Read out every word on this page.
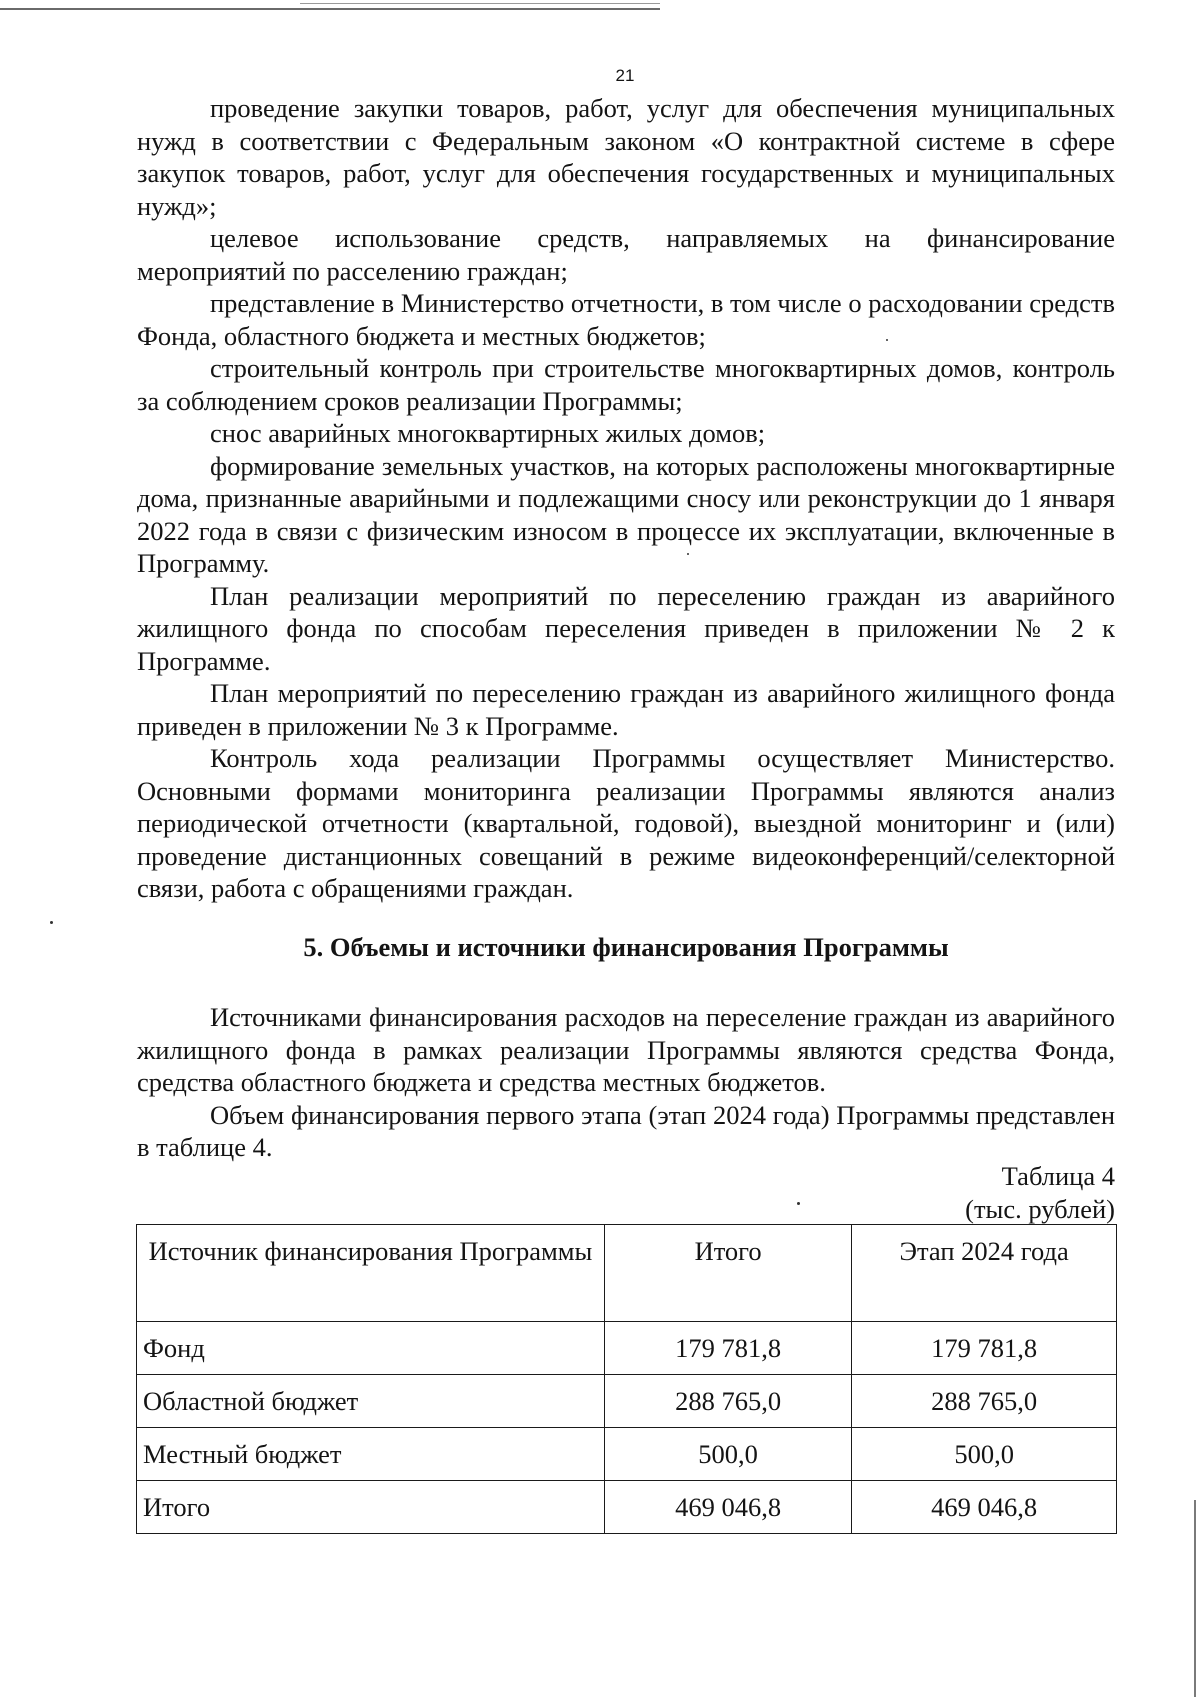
21

проведение закупки товаров, работ, услуг для обеспечения муниципальных нужд в соответствии с Федеральным законом «О контрактной системе в сфере закупок товаров, работ, услуг для обеспечения государственных и муниципальных нужд»;

целевое использование средств, направляемых на финансирование мероприятий по расселению граждан;

представление в Министерство отчетности, в том числе о расходовании средств Фонда, областного бюджета и местных бюджетов;

строительный контроль при строительстве многоквартирных домов, контроль за соблюдением сроков реализации Программы;

снос аварийных многоквартирных жилых домов;

формирование земельных участков, на которых расположены многоквартирные дома, признанные аварийными и подлежащими сносу или реконструкции до 1 января 2022 года в связи с физическим износом в процессе их эксплуатации, включенные в Программу.

План реализации мероприятий по переселению граждан из аварийного жилищного фонда по способам переселения приведен в приложении № 2 к Программе.

План мероприятий по переселению граждан из аварийного жилищного фонда приведен в приложении № 3 к Программе.

Контроль хода реализации Программы осуществляет Министерство. Основными формами мониторинга реализации Программы являются анализ периодической отчетности (квартальной, годовой), выездной мониторинг и (или) проведение дистанционных совещаний в режиме видеоконференций/селекторной связи, работа с обращениями граждан.

5. Объемы и источники финансирования Программы

Источниками финансирования расходов на переселение граждан из аварийного жилищного фонда в рамках реализации Программы являются средства Фонда, средства областного бюджета и средства местных бюджетов.

Объем финансирования первого этапа (этап 2024 года) Программы представлен в таблице 4.

Таблица 4
(тыс. рублей)
Источник финансирования Программы	Итого	Этап 2024 года
Фонд	179 781,8	179 781,8
Областной бюджет	288 765,0	288 765,0
Местный бюджет	500,0	500,0
Итого	469 046,8	469 046,8
